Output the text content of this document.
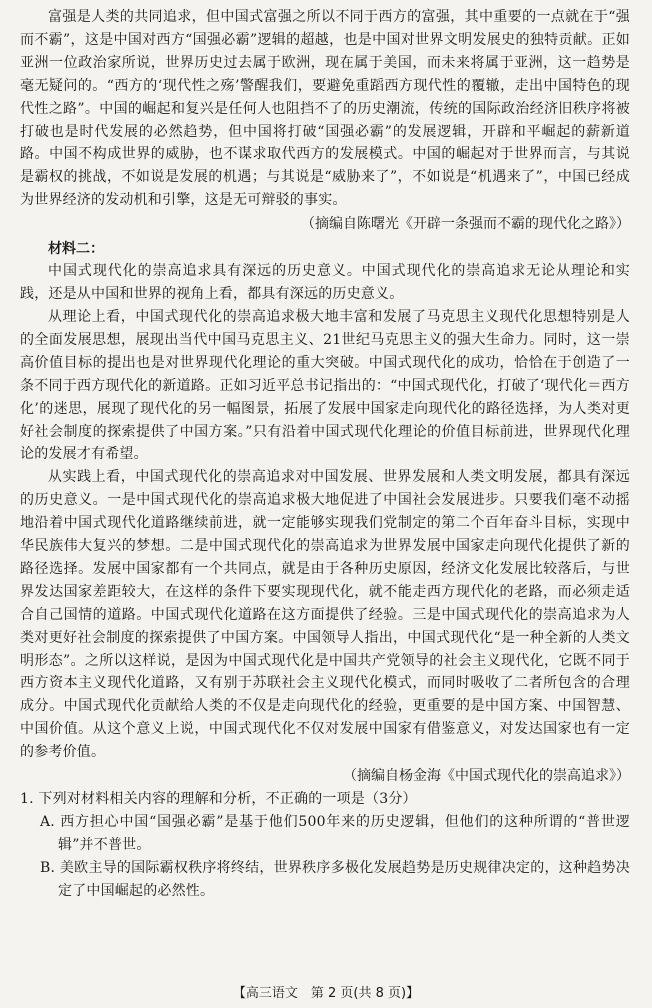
富强是人类的共同追求，但中国式富强之所以不同于西方的富强，其中重要的一点就在于“强而不霸”，这是中国对西方“国强必霸”逻辑的超越，也是中国对世界文明发展史的独特贡献。正如亚洲一位政治家所说，世界历史过去属于欧洲，现在属于美国，而未来将属于亚洲，这一趋势是毫无疑问的。“西方的‘现代性之殇’警醒我们，要避免重蹈西方现代性的覆辙，走出中国特色的现代性之路”。中国的崛起和复兴是任何人也阻挡不了的历史潮流，传统的国际政治经济旧秩序将被打破也是时代发展的必然趋势，但中国将打破“国强必霸”的发展逻辑，开辟和平崛起的薪新道路。中国不构成世界的威胁，也不谋求取代西方的发展模式。中国的崛起对于世界而言，与其说是霸权的挑战，不如说是发展的机遇；与其说是“威胁来了”，不如说是“机遇来了”，中国已经成为世界经济的发动机和引擎，这是无可辩驳的事实。

（摘编自陈曙光《开辟一条强而不霸的现代化之路》）

材料二：

中国式现代化的崇高追求具有深远的历史意义。中国式现代化的崇高追求无论从理论和实践，还是从中国和世界的视角上看，都具有深远的历史意义。

从理论上看，中国式现代化的崇高追求极大地丰富和发展了马克思主义现代化思想特别是人的全面发展思想，展现出当代中国马克思主义、21世纪马克思主义的强大生命力。同时，这一崇高价值目标的提出也是对世界现代化理论的重大突破。中国式现代化的成功，恰恰在于创造了一条不同于西方现代化的新道路。正如习近平总书记指出的：“中国式现代化，打破了‘现代化＝西方化’的迷思，展现了现代化的另一幅图景，拓展了发展中国家走向现代化的路径选择，为人类对更好社会制度的探索提供了中国方案。”只有沿着中国式现代化理论的价值目标前进，世界现代化理论的发展才有希望。

从实践上看，中国式现代化的崇高追求对中国发展、世界发展和人类文明发展，都具有深远的历史意义。一是中国式现代化的崇高追求极大地促进了中国社会发展进步。只要我们毫不动摇地沿着中国式现代化道路继续前进，就一定能够实现我们党制定的第二个百年奋斗目标，实现中华民族伟大复兴的梦想。二是中国式现代化的崇高追求为世界发展中国家走向现代化提供了新的路径选择。发展中国家都有一个共同点，就是由于各种历史原因，经济文化发展比较落后，与世界发达国家差距较大，在这样的条件下要实现现代化，就不能走西方现代化的老路，而必须走适合自己国情的道路。中国式现代化道路在这方面提供了经验。三是中国式现代化的崇高追求为人类对更好社会制度的探索提供了中国方案。中国领导人指出，中国式现代化“是一种全新的人类文明形态”。之所以这样说，是因为中国式现代化是中国共产党领导的社会主义现代化，它既不同于西方资本主义现代化道路，又有别于苏联社会主义现代化模式，而同时吸收了二者所包含的合理成分。中国式现代化贡献给人类的不仅是走向现代化的经验，更重要的是中国方案、中国智慧、中国价值。从这个意义上说，中国式现代化不仅对发展中国家有借鉴意义，对发达国家也有一定的参考价值。

（摘编自杨金海《中国式现代化的崇高追求》）

1. 下列对材料相关内容的理解和分析，不正确的一项是（3分）

A. 西方担心中国“国强必霸”是基于他们500年来的历史逻辑，但他们的这种所谓的“普世逻辑”并不普世。

B. 美欧主导的国际霸权秩序将终结，世界秩序多极化发展趋势是历史规律决定的，这种趋势决定了中国崛起的必然性。

【高三语文　第 2 页(共 8 页)】
